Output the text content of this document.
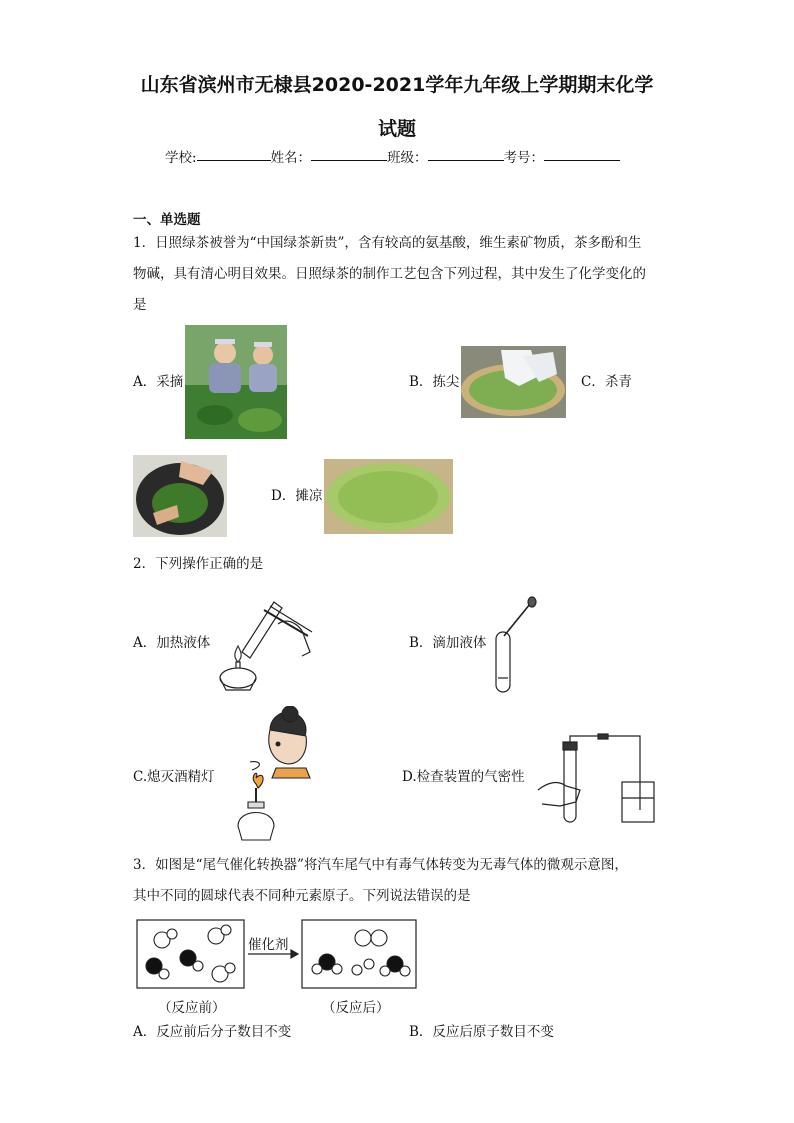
山东省滨州市无棣县2020-2021学年九年级上学期期末化学
试题
学校:	姓名：	班级：	考号：
一、单选题
1．日照绿茶被誉为“中国绿茶新贵”，含有较高的氨基酸，维生素矿物质，茶多酚和生
物碱，具有清心明目效果。日照绿茶的制作工艺包含下列过程，其中发生了化学变化的
是
A．采摘	B．拣尖	C．杀青
D．摊凉
2．下列操作正确的是
A．加热液体	B．滴加液体
C.熄灭酒精灯	D.检查装置的气密性
3．如图是“尾气催化转换器”将汽车尾气中有毒气体转变为无毒气体的微观示意图，
其中不同的圆球代表不同种元素原子。下列说法错误的是
催化剂
（反应前）	（反应后）
A．反应前后分子数目不变	B．反应后原子数目不变
